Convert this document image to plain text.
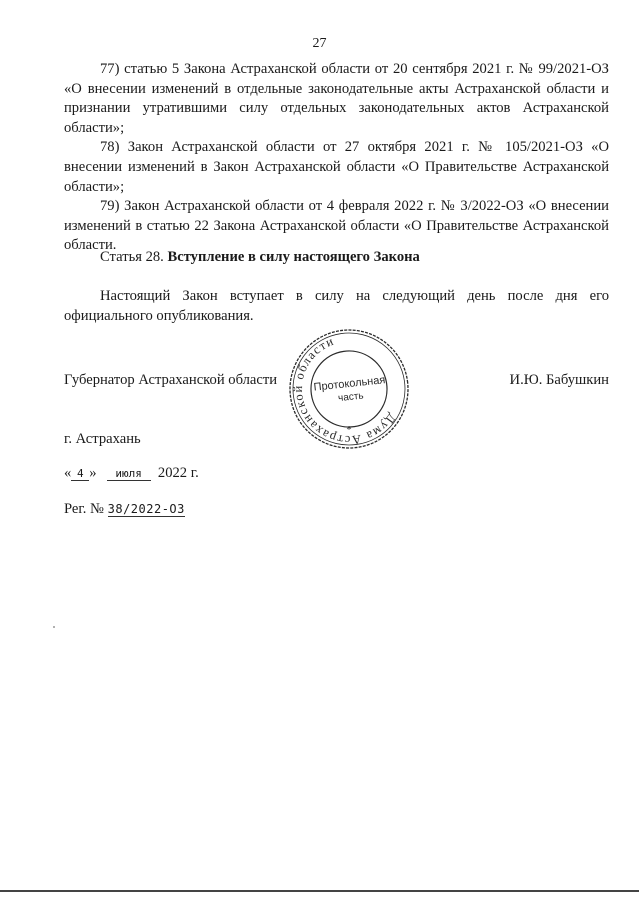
27

77) статью 5 Закона Астраханской области от 20 сентября 2021 г. № 99/2021-ОЗ «О внесении изменений в отдельные законодательные акты Астраханской области и признании утратившими силу отдельных законодательных актов Астраханской области»;

78) Закон Астраханской области от 27 октября 2021 г. № 105/2021-ОЗ «О внесении изменений в Закон Астраханской области «О Правительстве Астраханской области»;

79) Закон Астраханской области от 4 февраля 2022 г. № 3/2022-ОЗ «О внесении изменений в статью 22 Закона Астраханской области «О Правительстве Астраханской области.

Статья 28. Вступление в силу настоящего Закона

Настоящий Закон вступает в силу на следующий день после дня его официального опубликования.

Губернатор Астраханской области	И.Ю. Бабушкин
Дума Астраханской области
*
Протокольная
часть
г. Астрахань
« 4 » июля 2022 г.
Рег. № 38/2022-ОЗ
